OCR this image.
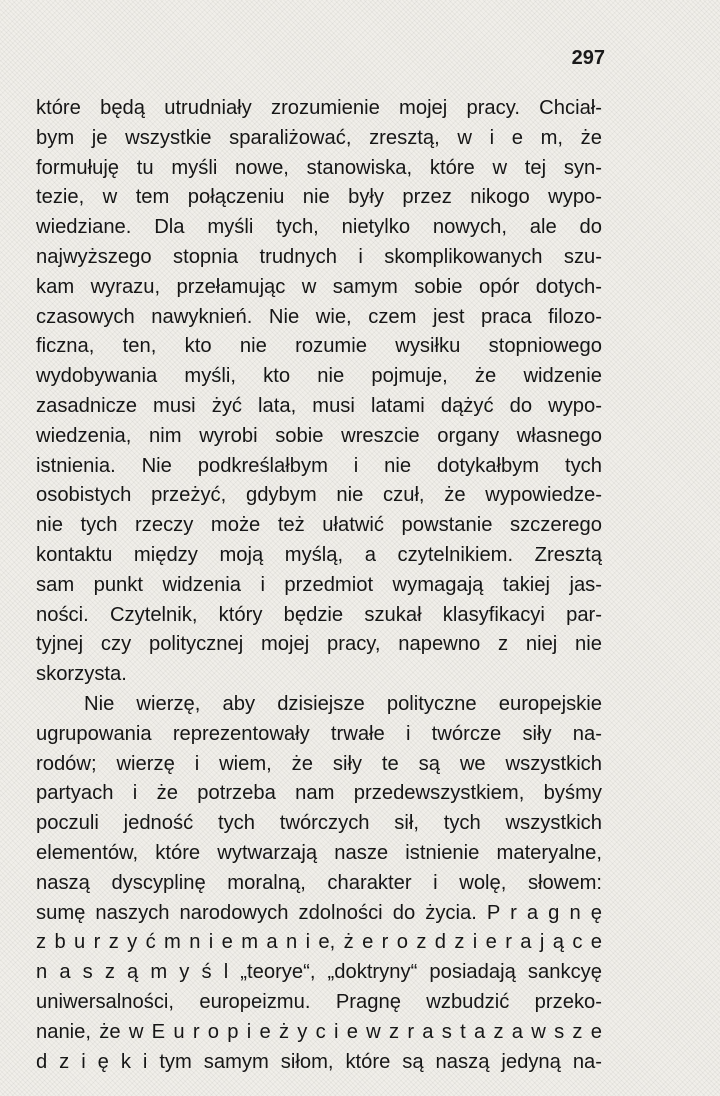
297
które będą utrudniały zrozumienie mojej pracy. Chciał-
bym je wszystkie sparaliżować, zresztą, w i e m, że
formułuję tu myśli nowe, stanowiska, które w tej syn-
tezie, w tem połączeniu nie były przez nikogo wypo-
wiedziane. Dla myśli tych, nietylko nowych, ale do
najwyższego stopnia trudnych i skomplikowanych szu-
kam wyrazu, przełamując w samym sobie opór dotych-
czasowych nawyknień. Nie wie, czem jest praca filozo-
ficzna, ten, kto nie rozumie wysiłku stopniowego
wydobywania myśli, kto nie pojmuje, że widzenie
zasadnicze musi żyć lata, musi latami dążyć do wypo-
wiedzenia, nim wyrobi sobie wreszcie organy własnego
istnienia. Nie podkreślałbym i nie dotykałbym tych
osobistych przeżyć, gdybym nie czuł, że wypowiedze-
nie tych rzeczy może też ułatwić powstanie szczerego
kontaktu między moją myślą, a czytelnikiem. Zresztą
sam punkt widzenia i przedmiot wymagają takiej jas-
ności. Czytelnik, który będzie szukał klasyfikacyi par-
tyjnej czy politycznej mojej pracy, napewno z niej nie
skorzysta.
Nie wierzę, aby dzisiejsze polityczne europejskie
ugrupowania reprezentowały trwałe i twórcze siły na-
rodów; wierzę i wiem, że siły te są we wszystkich
partyach i że potrzeba nam przedewszystkiem, byśmy
poczuli jedność tych twórczych sił, tych wszystkich
elementów, które wytwarzają nasze istnienie materyalne,
naszą dyscyplinę moralną, charakter i wolę, słowem:
sumę naszych narodowych zdolności do życia. P r a g n ę
z b u r z y ć m n i e m a n i e, ż e r o z d z i e r a j ą c e
n a s z ą m y ś l „teorye“, „doktryny“ posiadają sankcyę
uniwersalności, europeizmu. Pragnę wzbudzić przeko-
nanie, że w E u r o p i e ż y c i e w z r a s t a z a w s z e
d z i ę k i tym samym siłom, które są naszą jedyną na-
